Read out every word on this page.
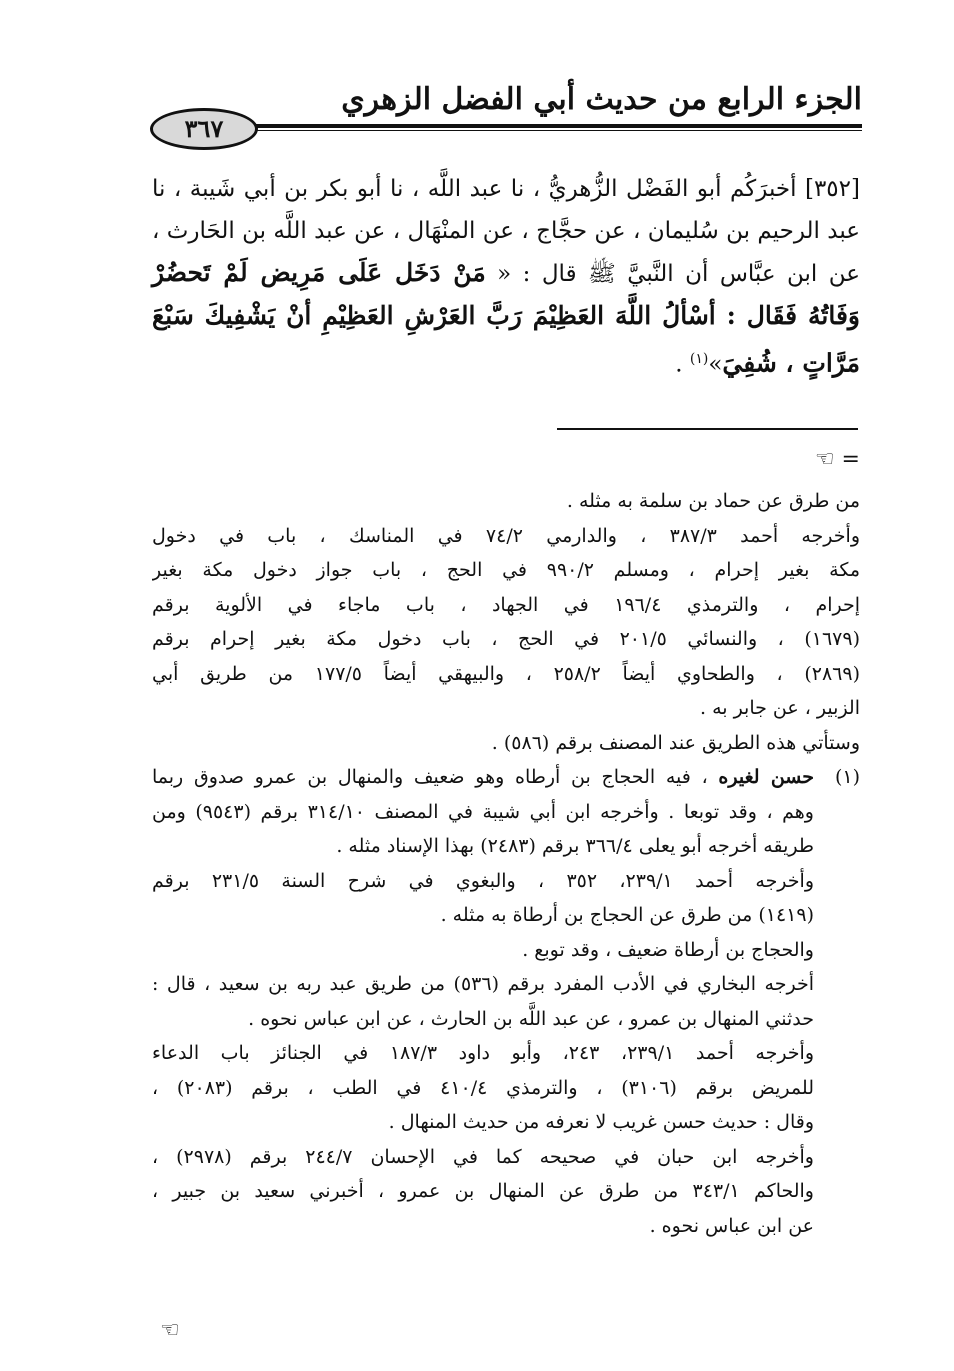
الجزء الرابع من حديث أبي الفضل الزهري
٣٦٧

[٣٥٢] أخبرَكُم أبو الفَضْل الزُّهريُّ ، نا عبد اللَّه ، نا أبو بكر بن أبي شَيبة ، نا عبد الرحيم بن سُليمان ، عن حجَّاج ، عن المنْهَال ، عن عبد اللَّه بن الحَارث ، عن ابن عبَّاس أن النَّبيَّ ﷺ قال : « مَنْ دَخَل عَلَى مَرِيض لَمْ تَحضُرْ وَفَاتُهُ فَقَال : أسْألُ اللَّهَ العَظِيْمَ رَبَّ العَرْشِ العَظِيْمِ أنْ يَشْفِيكَ سَبْعَ مَرَّاتٍ ، شُفِيَ»$^{(١)}$ .

= ☜
من طرق عن حماد بن سلمة به مثله .
وأخرجه أحمد ٣٨٧/٣ ، والدارمي ٧٤/٢ في المناسك ، باب في دخول
مكة بغير إحرام ، ومسلم ٩٩٠/٢ في الحج ، باب جواز دخول مكة بغير
إحرام ، والترمذي ١٩٦/٤ في الجهاد ، باب ماجاء في الألوية برقم
(١٦٧٩) ، والنسائي ٢٠١/٥ في الحج ، باب دخول مكة بغير إحرام برقم
(٢٨٦٩) ، والطحاوي أيضاً ٢٥٨/٢ ، والبيهقي أيضاً ١٧٧/٥ من طريق أبي
الزبير ، عن جابر به .
وستأتي هذه الطريق عند المصنف برقم (٥٨٦) .
(١)
حسن لغيره ، فيه الحجاج بن أرطاه وهو ضعيف والمنهال بن عمرو صدوق ربما
وهم ، وقد توبعا . وأخرجه ابن أبي شيبة في المصنف ٣١٤/١٠ برقم (٩٥٤٣) ومن
طريقه أخرجه أبو يعلى ٣٦٦/٤ برقم (٢٤٨٣) بهذا الإسناد مثله .
وأخرجه أحمد ٢٣٩/١، ٣٥٢ ، والبغوي في شرح السنة ٢٣١/٥ برقم
(١٤١٩) من طرق عن الحجاج بن أرطاة به مثله .
والحجاج بن أرطاة ضعيف ، وقد توبع .
أخرجه البخاري في الأدب المفرد برقم (٥٣٦) من طريق عبد ربه بن سعيد ، قال :
حدثني المنهال بن عمرو ، عن عبد اللَّه بن الحارث ، عن ابن عباس نحوه .
وأخرجه أحمد ٢٣٩/١، ٢٤٣، وأبو داود ١٨٧/٣ في الجنائز باب الدعاء
للمريض برقم (٣١٠٦) ، والترمذي ٤١٠/٤ في الطب ، برقم (٢٠٨٣) ،
وقال : حديث حسن غريب لا نعرفه من حديث المنهال .
وأخرجه ابن حبان في صحيحه كما في الإحسان ٢٤٤/٧ برقم (٢٩٧٨) ،
والحاكم ٣٤٣/١ من طرق عن المنهال بن عمرو ، أخبرني سعيد بن جبير ،
عن ابن عباس نحوه .
☜
